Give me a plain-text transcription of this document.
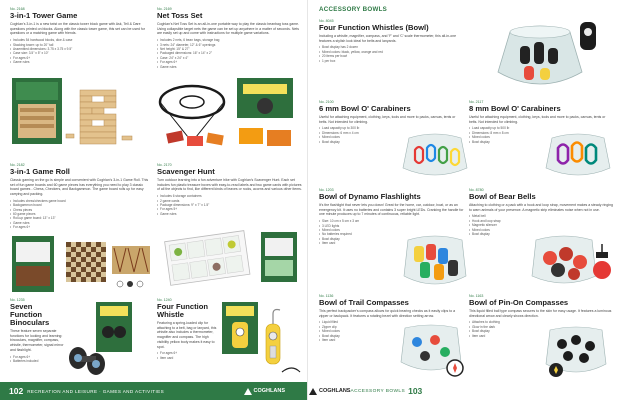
No. 2168
3-in-1 Tower Game
Coghlan's 3-in-1 is a new twist on the classic tower block game with Ask, Tell & Dare questions printed on blocks. Along with the classic tower game, this set can be used for questions or a matching game with friends.
• Includes 54 hardwood blocks, dice & case
• Stacking tower: up to 20" tall
• Assembled dimensions: 3.75 x 3.75 x 9.5"
• Case size: 3.5" x 5" x 10"
• For ages 6+
• Game rules
No. 2169
Net Toss Set
Coghlan's Net Toss Set is an all-in-one portable way to play the classic beanbag toss game. Using collapsible target nets the game can be set up anywhere in a matter of seconds. Nets are easily set up and come with instructions for multiple game variations.
• Includes 2 nets, 6 bean bags, storage bag
• 3 nets: 24" diameter, 12" & 6" openings
• Net height: 15" & 27"
• Packaged dimensions: 16" x 14" x 2"
• Case: 24" x 24" x 4"
• For ages 6+
• Game rules
No. 2182
3-in-1 Game Roll
Classic gaming on the go is simple and convenient with Coghlan's 3-in-1 Game Roll. This set of fun game boards and 60 game pieces has everything you need to play 3 classic board games - Chess, Checkers, and Backgammon. The game board rolls up for easy carrying and packing.
• Includes chess/checkers game board
• Backgammon board
• Chess pieces
• 60 game pieces
• Roll-up game board: 13" x 13"
• Game rules
• For ages 6+
No. 2170
Scavenger Hunt
Turn outdoor learning into a fun adventure hike with Coghlan's Scavenger Hunt. Each set includes fun plastic treasure boxes with easy-to-read labels and two game cards with pictures of all the objects to find, like different kinds of leaves or rocks, acorns and various other items.
• Includes 6 storage containers
• 2 game cards
• Package dimensions: 9" x 7" x 1.5"
• For ages 5+
• Game rules
No. 1235
Seven Function Binoculars
These feature seven separate functions for looking and learning: binoculars, magnifier, compass, whistle, thermometer, signal mirror and flashlight.
• For ages 6+
• Batteries included
No. 1240
Four Function Whistle
Featuring a spring-loaded clip for attaching to a belt, bag or lanyard, this whistle also includes a thermometer, magnifier and compass. The high visibility yellow body makes it easy to spot.
• For ages 6+
• Item card
102 RECREATION AND LEISURE · GAMES AND ACTIVITIES	COGHLANS
ACCESSORY BOWLS
No. 8045
Four Function Whistles (Bowl)
Including a whistle, magnifier, compass, and 'F' and 'C' scale thermometer, this all-in-one features a stylish look ideal for belts and lanyards.
• Bowl display has 2 dozen
• Mixed colors: black, yellow, orange and red
• 20 items per bowl
• 1 per box
No. 2100
6 mm Bowl O' Carabiners
Useful for attaching equipment, clothing, keys, tools and more to packs, canvas, tents or belts. Not intended for climbing.
• Load capacity up to 300 lb
• Dimensions: 6 mm x 4 cm
• Mixed colors
• Bowl display
No. 2117
8 mm Bowl O' Carabiners
Useful for attaching equipment, clothing, keys, tools and more to packs, canvas, tents or belts. Not intended for climbing.
• Load capacity up to 500 lb
• Dimensions: 8 mm x 8 cm
• Mixed colors
• Bowl display
No. 1203
Bowl of Dynamo Flashlights
It's the flashlight that never lets you down! Great for the home, car, outdoor, boat, or as an emergency kit. It uses no batteries and contains 3 super bright LEDs. Cranking the handle for one minute produces up to 7 minutes of continuous, reliable light.
• Size: 10 cm x 5 cm x 3 cm
• 3 LED lights
• Mixed colors
• No batteries required
• Bowl display
• Item card
No. 8780
Bowl of Bear Bells
Attaching to clothing or a pack with a hook and loop strap, movement makes a steady ringing to warn animals of your presence. A magnetic strip eliminates noise when not in use.
• Metal bell
• Hook and loop strap
• Magnetic silencer
• Mixed colors
• Bowl display
No. 1136
Bowl of Trail Compasses
This perfect backpacker's compass allows for quick bearing checks as it easily clips to a zipper or backpack. It features a rotating bezel with direction setting arrow.
• Liquid filled
• Zipper clip
• Mixed colors
• Bowl display
• Item card
No. 1163
Bowl of Pin-On Compasses
This liquid filled ball type compass secures to the skin for easy usage. It features a luminous directional arrow and clearly shows direction.
• Attaches to clothing
• Glow in the dark
• Bowl display
• Item card
COGHLANS ACCESSORY BOWLS 103
